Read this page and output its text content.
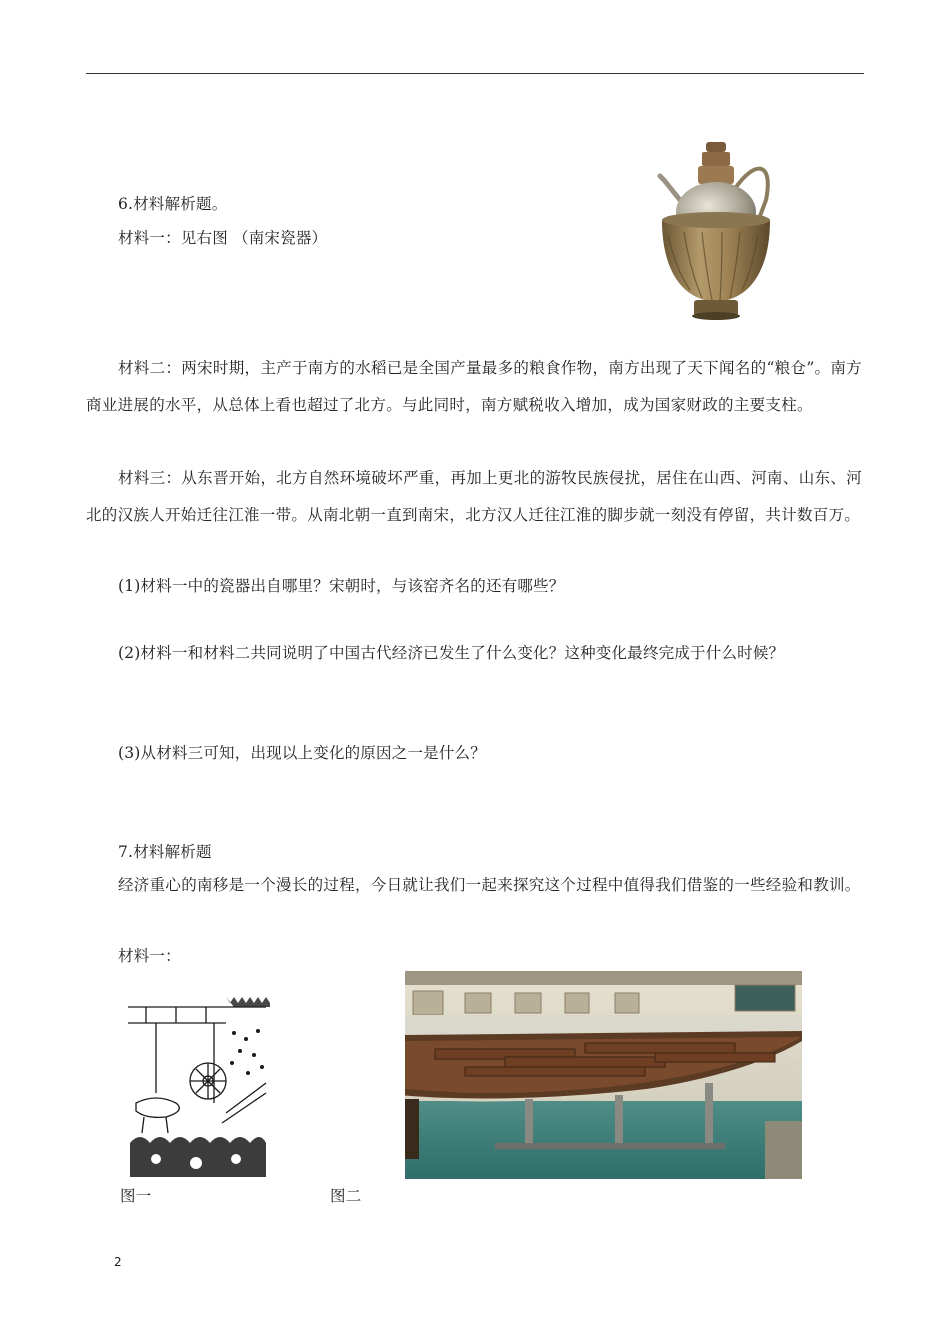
6.材料解析题。
材料一：见右图 （南宋瓷器）
材料二：两宋时期，主产于南方的水稻已是全国产量最多的粮食作物，南方出现了天下闻名的“粮仓”。南方商业进展的水平，从总体上看也超过了北方。与此同时，南方赋税收入增加，成为国家财政的主要支柱。
材料三：从东晋开始，北方自然环境破坏严重，再加上更北的游牧民族侵扰，居住在山西、河南、山东、河北的汉族人开始迁往江淮一带。从南北朝一直到南宋，北方汉人迁往江淮的脚步就一刻没有停留，共计数百万。
(1)材料一中的瓷器出自哪里？宋朝时，与该窑齐名的还有哪些？
(2)材料一和材料二共同说明了中国古代经济已发生了什么变化？这种变化最终完成于什么时候？
(3)从材料三可知，出现以上变化的原因之一是什么？
7.材料解析题
经济重心的南移是一个漫长的过程，今日就让我们一起来探究这个过程中值得我们借鉴的一些经验和教训。
材料一：
图一	图二
2
